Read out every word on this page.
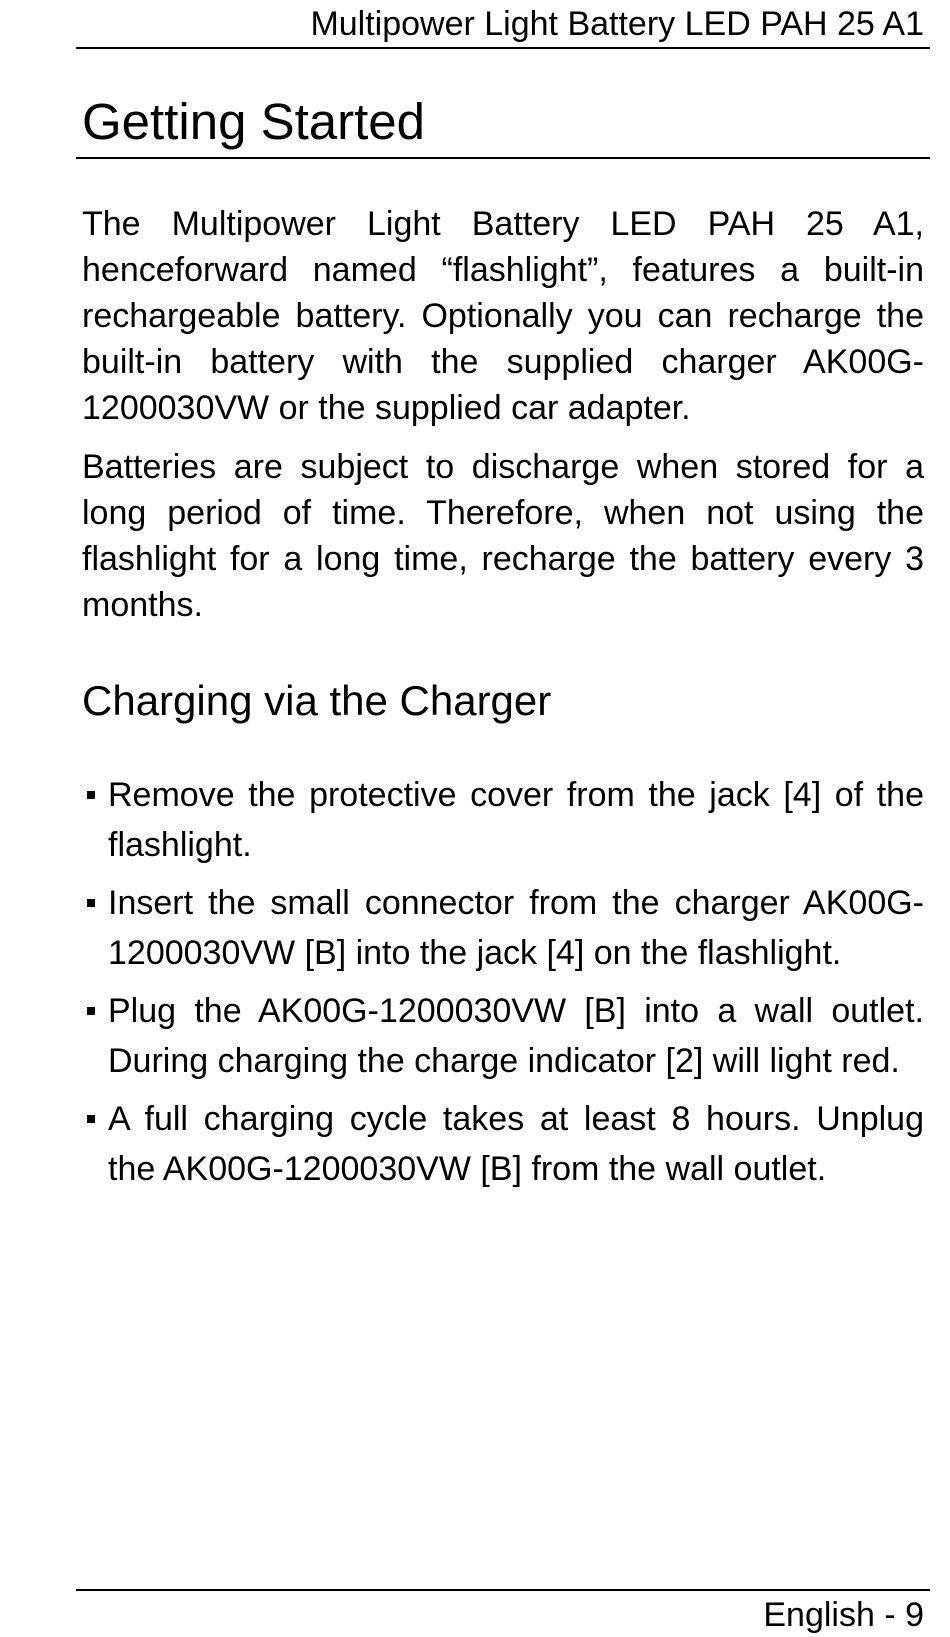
Multipower Light Battery LED PAH 25 A1
Getting Started

The Multipower Light Battery LED PAH 25 A1, henceforward named “flashlight”, features a built-in rechargeable battery. Optionally you can recharge the built-in battery with the supplied charger AK00G-1200030VW or the supplied car adapter.

Batteries are subject to discharge when stored for a long period of time. Therefore, when not using the flashlight for a long time, recharge the battery every 3 months.

Charging via the Charger
Remove the protective cover from the jack [4] of the flashlight.
Insert the small connector from the charger AK00G-1200030VW [B] into the jack [4] on the flashlight.
Plug the AK00G-1200030VW [B] into a wall outlet. During charging the charge indicator [2] will light red.
A full charging cycle takes at least 8 hours. Unplug the AK00G-1200030VW [B] from the wall outlet.
English - 9
